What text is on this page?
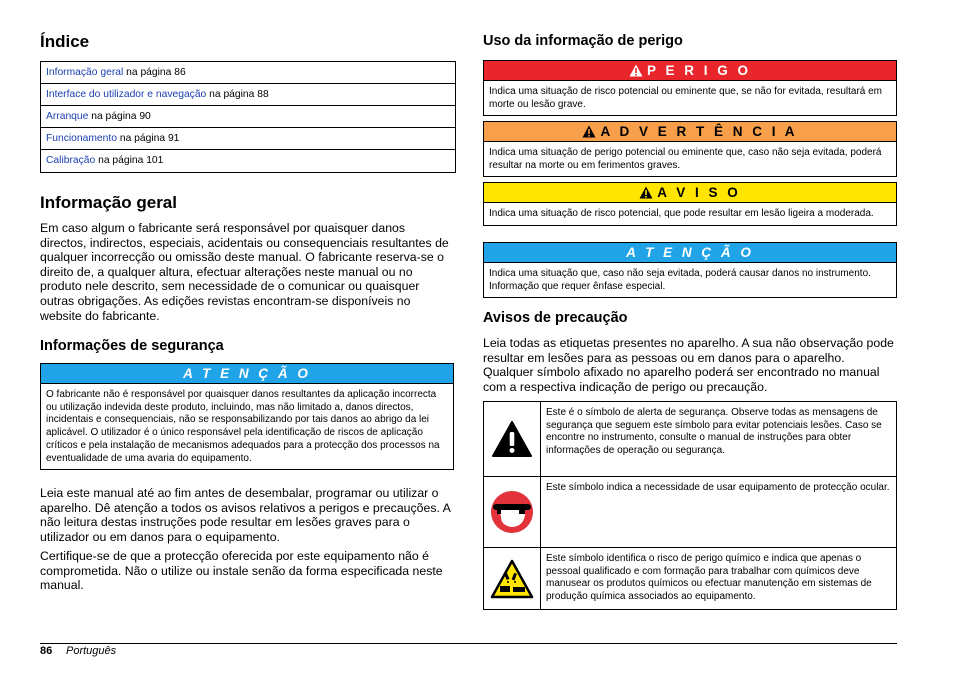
Índice
Informação geral na página 86
Interface do utilizador e navegação na página 88
Arranque na página 90
Funcionamento na página 91
Calibração na página 101
Informação geral

Em caso algum o fabricante será responsável por quaisquer danos directos, indirectos, especiais, acidentais ou consequenciais resultantes de qualquer incorrecção ou omissão deste manual. O fabricante reserva-se o direito de, a qualquer altura, efectuar alterações neste manual ou no produto nele descrito, sem necessidade de o comunicar ou quaisquer outras obrigações. As edições revistas encontram-se disponíveis no website do fabricante.

Informações de segurança
A T E N Ç Ã O
O fabricante não é responsável por quaisquer danos resultantes da aplicação incorrecta ou utilização indevida deste produto, incluindo, mas não limitado a, danos directos, incidentais e consequenciais, não se responsabilizando por tais danos ao abrigo da lei aplicável. O utilizador é o único responsável pela identificação de riscos de aplicação críticos e pela instalação de mecanismos adequados para a protecção dos processos na eventualidade de uma avaria do equipamento.

Leia este manual até ao fim antes de desembalar, programar ou utilizar o aparelho. Dê atenção a todos os avisos relativos a perigos e precauções. A não leitura destas instruções pode resultar em lesões graves para o utilizador ou em danos para o equipamento.

Certifique-se de que a protecção oferecida por este equipamento não é comprometida. Não o utilize ou instale senão da forma especificada neste manual.

Uso da informação de perigo
P E R I G O
Indica uma situação de risco potencial ou eminente que, se não for evitada, resultará em morte ou lesão grave.
A D V E R T Ê N C I A
Indica uma situação de perigo potencial ou eminente que, caso não seja evitada, poderá resultar na morte ou em ferimentos graves.
A V I S O
Indica uma situação de risco potencial, que pode resultar em lesão ligeira a moderada.
A T E N Ç Ã O
Indica uma situação que, caso não seja evitada, poderá causar danos no instrumento. Informação que requer ênfase especial.
Avisos de precaução

Leia todas as etiquetas presentes no aparelho. A sua não observação pode resultar em lesões para as pessoas ou em danos para o aparelho. Qualquer símbolo afixado no aparelho poderá ser encontrado no manual com a respectiva indicação de perigo ou precaução.

Este é o símbolo de alerta de segurança. Observe todas as mensagens de segurança que seguem este símbolo para evitar potenciais lesões. Caso se encontre no instrumento, consulte o manual de instruções para obter informações de operação ou segurança.
Este símbolo indica a necessidade de usar equipamento de protecção ocular.
Este símbolo identifica o risco de perigo químico e indica que apenas o pessoal qualificado e com formação para trabalhar com químicos deve manusear os produtos químicos ou efectuar manutenção em sistemas de produção química associados ao equipamento.
86 Português
